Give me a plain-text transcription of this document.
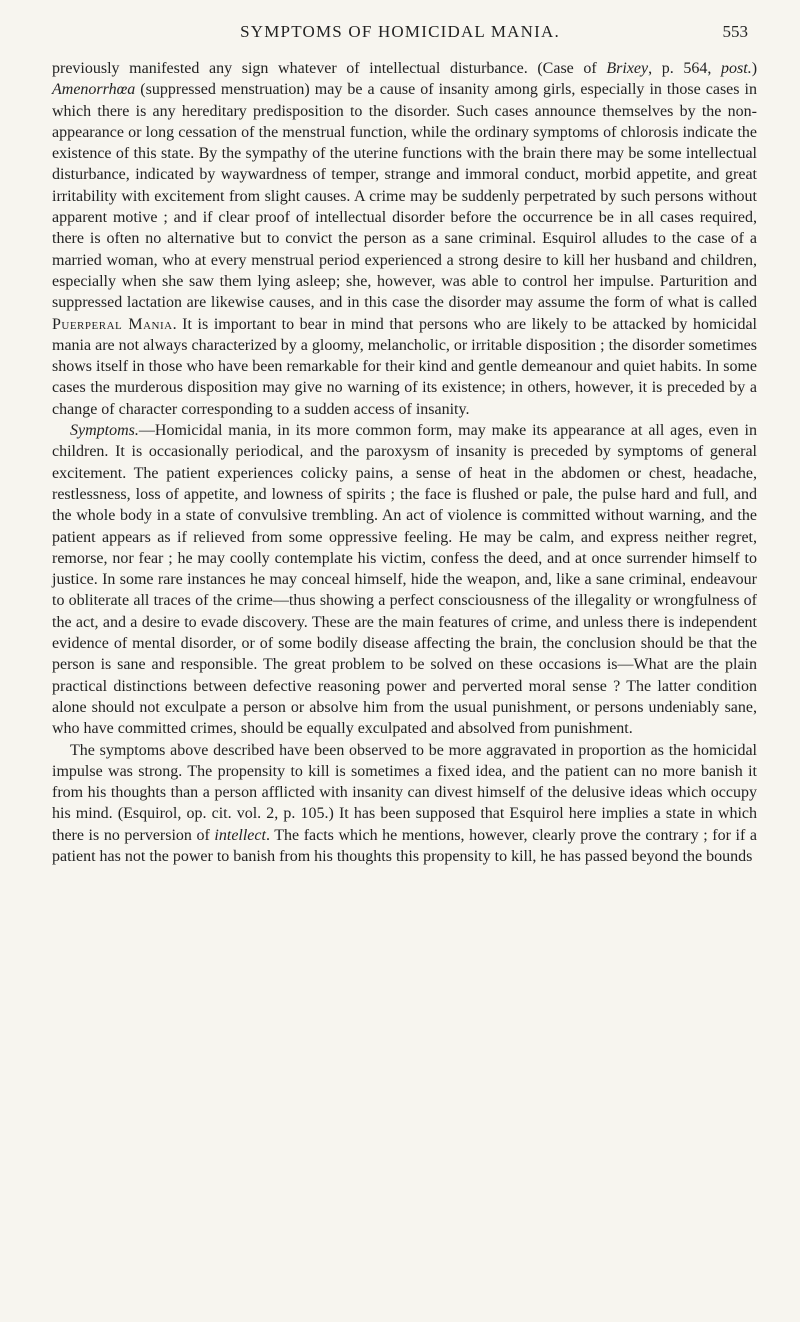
SYMPTOMS OF HOMICIDAL MANIA.	553

previously manifested any sign whatever of intellectual disturbance. (Case of Brixey, p. 564, post.) Amenorrhœa (suppressed menstruation) may be a cause of insanity among girls, especially in those cases in which there is any hereditary predisposition to the disorder. Such cases announce themselves by the non-appearance or long cessation of the menstrual function, while the ordinary symptoms of chlorosis indicate the existence of this state. By the sympathy of the uterine functions with the brain there may be some intellectual disturbance, indicated by waywardness of temper, strange and immoral conduct, morbid appetite, and great irritability with excitement from slight causes. A crime may be suddenly perpetrated by such persons without apparent motive ; and if clear proof of intellectual disorder before the occurrence be in all cases required, there is often no alternative but to convict the person as a sane criminal. Esquirol alludes to the case of a married woman, who at every menstrual period experienced a strong desire to kill her husband and children, especially when she saw them lying asleep; she, however, was able to control her impulse. Parturition and suppressed lactation are likewise causes, and in this case the disorder may assume the form of what is called Puerperal Mania. It is important to bear in mind that persons who are likely to be attacked by homicidal mania are not always characterized by a gloomy, melancholic, or irritable disposition ; the disorder sometimes shows itself in those who have been remarkable for their kind and gentle demeanour and quiet habits. In some cases the murderous disposition may give no warning of its existence; in others, however, it is preceded by a change of character corresponding to a sudden access of insanity.

Symptoms.—Homicidal mania, in its more common form, may make its appearance at all ages, even in children. It is occasionally periodical, and the paroxysm of insanity is preceded by symptoms of general excitement. The patient experiences colicky pains, a sense of heat in the abdomen or chest, headache, restlessness, loss of appetite, and lowness of spirits ; the face is flushed or pale, the pulse hard and full, and the whole body in a state of convulsive trembling. An act of violence is committed without warning, and the patient appears as if relieved from some oppressive feeling. He may be calm, and express neither regret, remorse, nor fear ; he may coolly contemplate his victim, confess the deed, and at once surrender himself to justice. In some rare instances he may conceal himself, hide the weapon, and, like a sane criminal, endeavour to obliterate all traces of the crime—thus showing a perfect consciousness of the illegality or wrongfulness of the act, and a desire to evade discovery. These are the main features of crime, and unless there is independent evidence of mental disorder, or of some bodily disease affecting the brain, the conclusion should be that the person is sane and responsible. The great problem to be solved on these occasions is—What are the plain practical distinctions between defective reasoning power and perverted moral sense ? The latter condition alone should not exculpate a person or absolve him from the usual punishment, or persons undeniably sane, who have committed crimes, should be equally exculpated and absolved from punishment.

The symptoms above described have been observed to be more aggravated in proportion as the homicidal impulse was strong. The propensity to kill is sometimes a fixed idea, and the patient can no more banish it from his thoughts than a person afflicted with insanity can divest himself of the delusive ideas which occupy his mind. (Esquirol, op. cit. vol. 2, p. 105.) It has been supposed that Esquirol here implies a state in which there is no perversion of intellect. The facts which he mentions, however, clearly prove the contrary ; for if a patient has not the power to banish from his thoughts this propensity to kill, he has passed beyond the bounds
